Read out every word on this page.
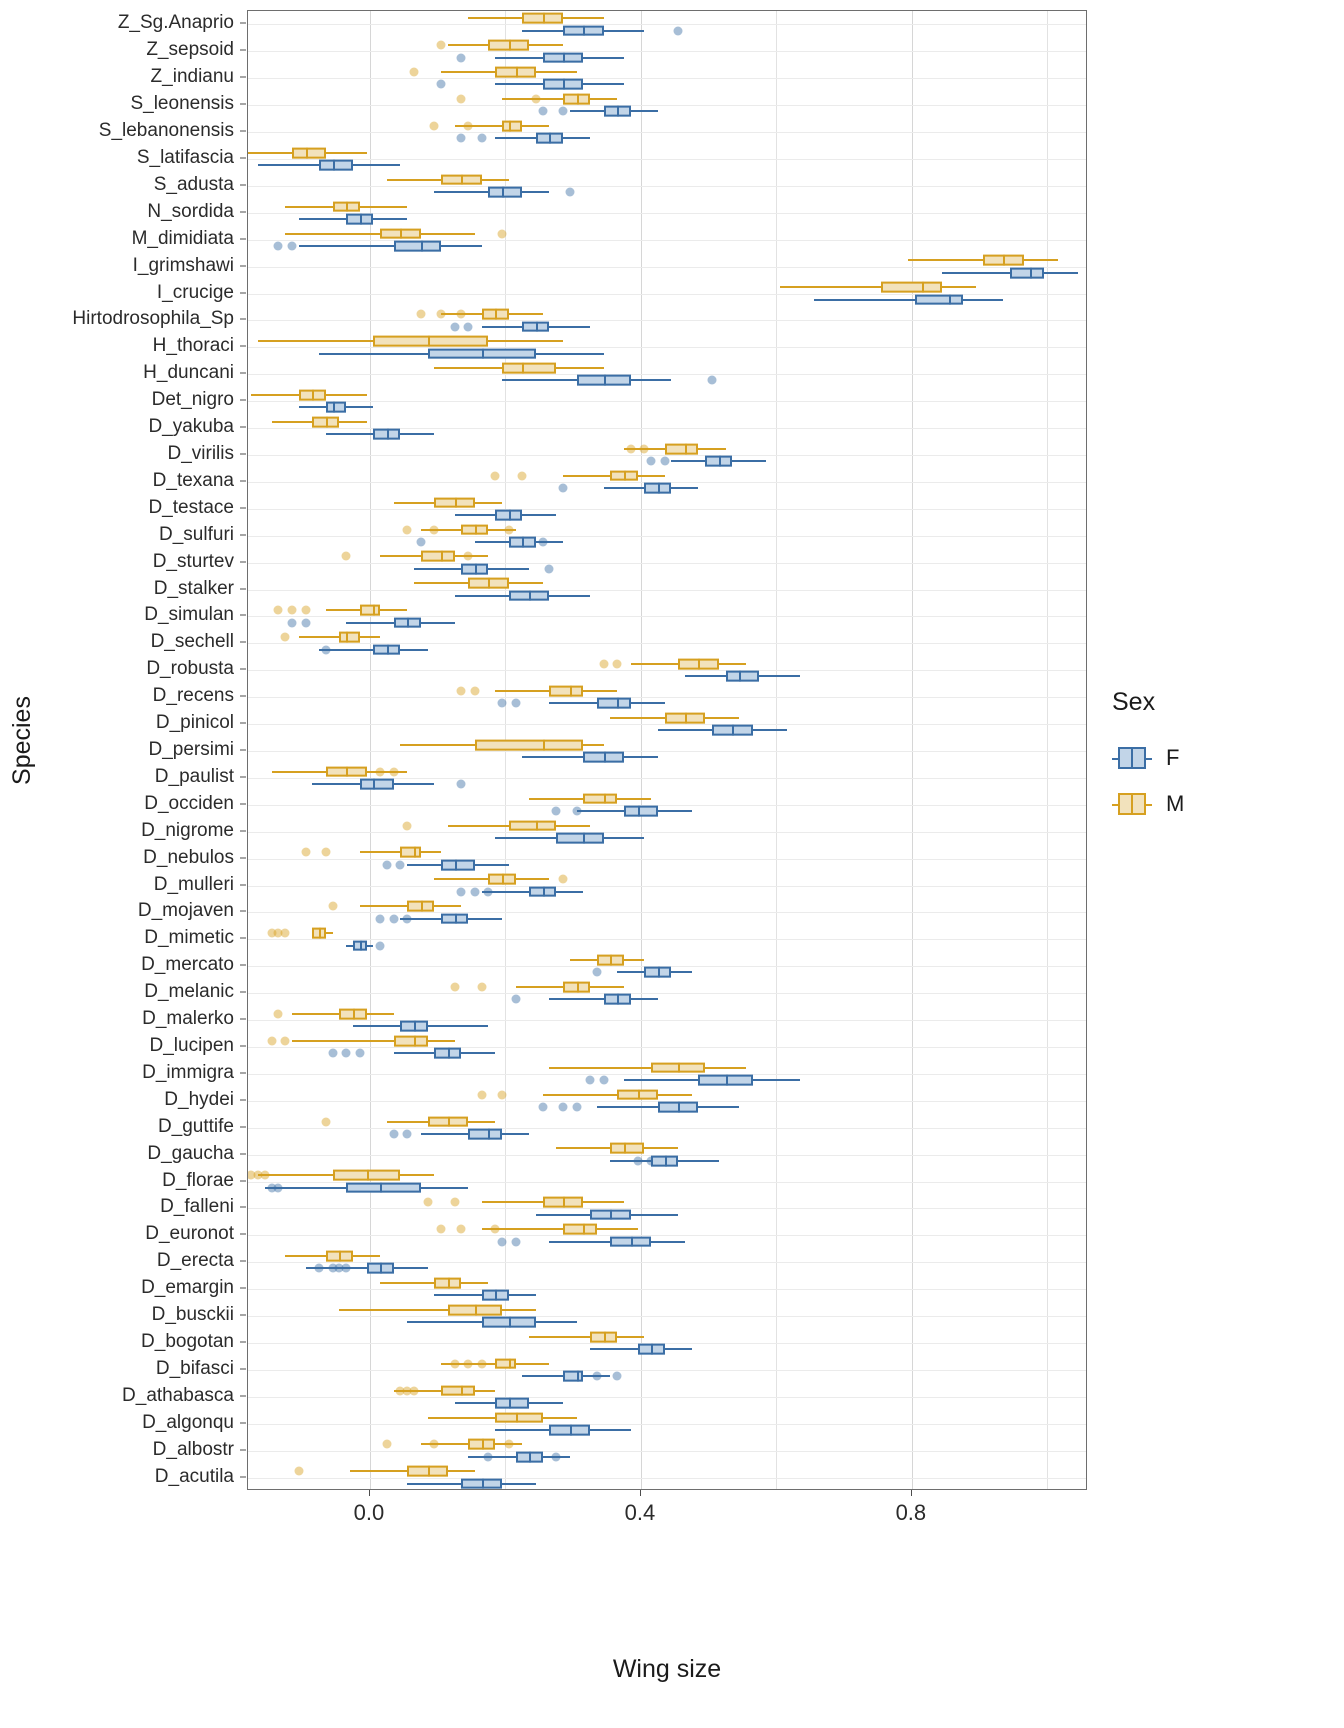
Species
D_acutila
D_albostr
D_algonqu
D_athabasca
D_bifasci
D_bogotan
D_busckii
D_emargin
D_erecta
D_euronot
D_falleni
D_florae
D_gaucha
D_guttife
D_hydei
D_immigra
D_lucipen
D_malerko
D_melanic
D_mercato
D_mimetic
D_mojaven
D_mulleri
D_nebulos
D_nigrome
D_occiden
D_paulist
D_persimi
D_pinicol
D_recens
D_robusta
D_sechell
D_simulan
D_stalker
D_sturtev
D_sulfuri
D_testace
D_texana
D_virilis
D_yakuba
Det_nigro
H_duncani
H_thoraci
Hirtodrosophila_Sp
I_crucige
I_grimshawi
M_dimidiata
N_sordida
S_adusta
S_latifascia
S_lebanonensis
S_leonensis
Z_indianu
Z_sepsoid
Z_Sg.Anaprio
0.0	0.4	0.8
Wing size
Sex
F
M
